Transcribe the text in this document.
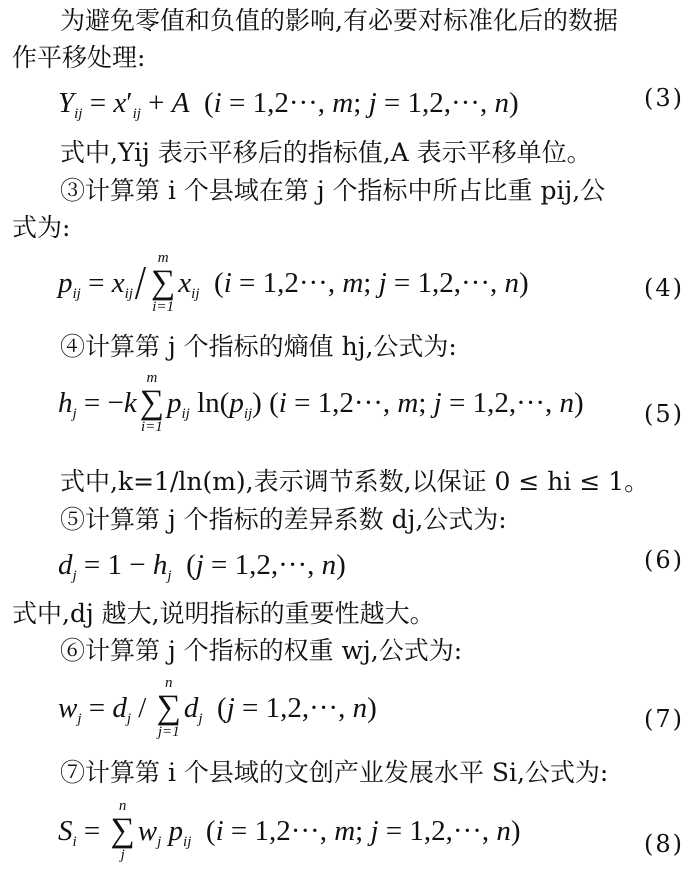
为避免零值和负值的影响,有必要对标准化后的数据
作平移处理:
$Y_{ij} = x'_{ij} + A$  (i = 1,2···, m; j = 1,2,···, n)	(3)
式中,Yij 表示平移后的指标值,A 表示平移单位。
③计算第 i 个县域在第 j 个指标中所占比重 pij,公
式为:
$p_{ij} = x_{ij}/$ m
∑
i=1
$x_{ij}$  (i = 1,2···, m; j = 1,2,···, n)	(4)
④计算第 j 个指标的熵值 hj,公式为:
$h_j = -k$
m
∑
i=1
$p_{ij}$ $\ln(p_{ij}) (i = 1,2\cdot\cdot\cdot$, m; j = 1,2,···, n)	(5)
式中,k=1/ln(m),表示调节系数,以保证 0 ≤ hi ≤ 1。
⑤计算第 j 个指标的差异系数 dj,公式为:
$d_j = 1 - h_j$  (j = 1,2,···, n)	(6)
式中,dj 越大,说明指标的重要性越大。
⑥计算第 j 个指标的权重 wj,公式为:
$w_j = d_j$ /
n
∑
j=1
$d_j$  (j = 1,2,···, n)	(7)
⑦计算第 i 个县域的文创产业发展水平 Si,公式为:
$S_i$ =
n
∑
j
$w_j$ $p_{ij}$  (i = 1,2···, m; j = 1,2,···, n)	(8)
